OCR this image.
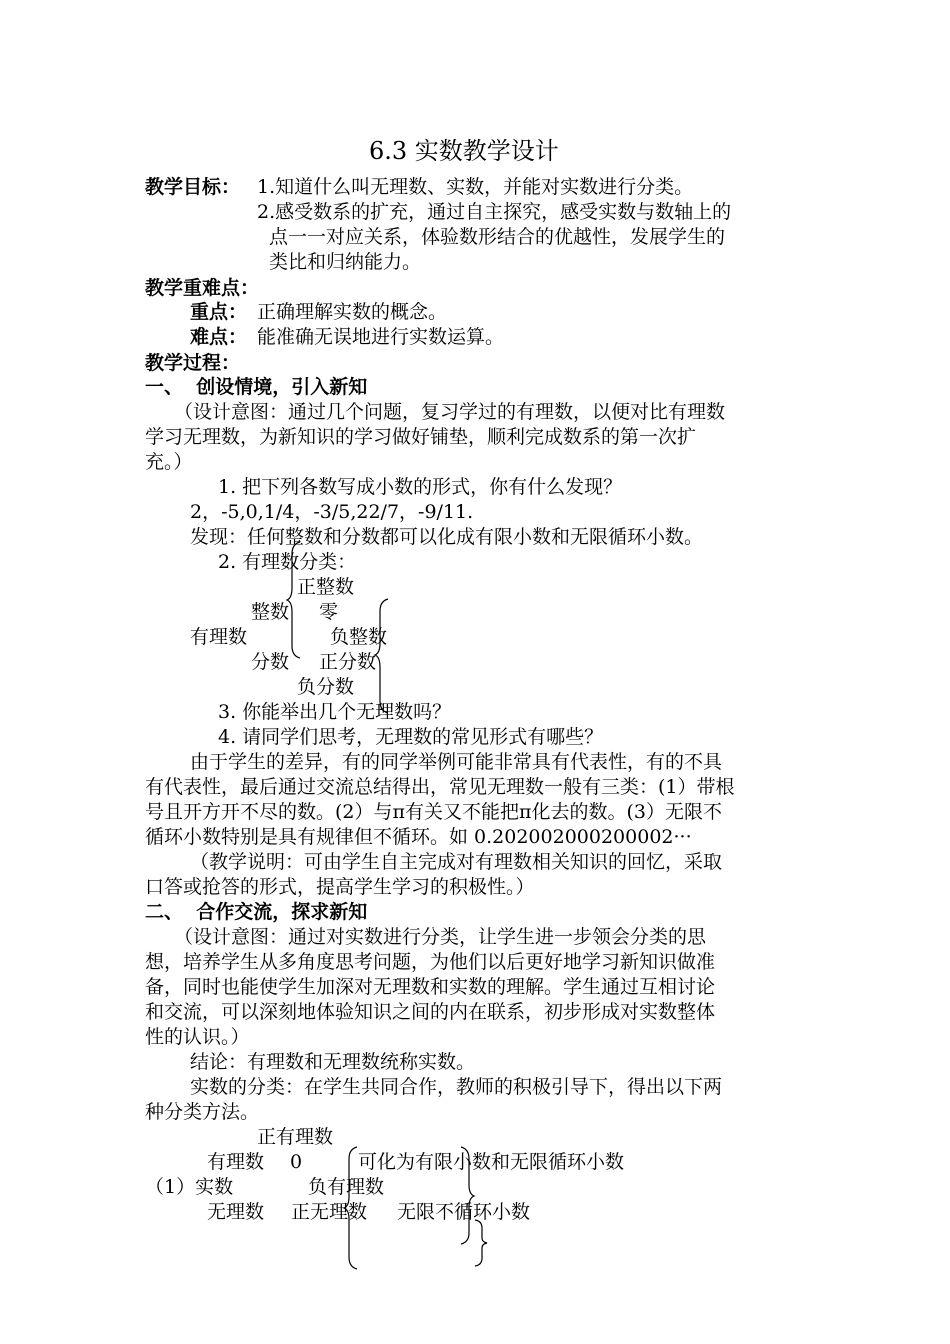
6.3 实数教学设计
教学目标： 1.知道什么叫无理数、实数，并能对实数进行分类。
2.感受数系的扩充，通过自主探究，感受实数与数轴上的
点一一对应关系，体验数形结合的优越性，发展学生的
类比和归纳能力。
教学重难点：
重点： 正确理解实数的概念。
难点： 能准确无误地进行实数运算。
教学过程：
一、  创设情境，引入新知
（设计意图：通过几个问题，复习学过的有理数，以便对比有理数
学习无理数，为新知识的学习做好铺垫，顺利完成数系的第一次扩
充。）
1. 把下列各数写成小数的形式，你有什么发现？
2，-5,0,1/4，-3/5,22/7，-9/11.
发现：任何整数和分数都可以化成有限小数和无限循环小数。
2. 有理数分类：
正整数
整数 零
有理数	负整数
分数 正分数
负分数
3. 你能举出几个无理数吗？
4. 请同学们思考，无理数的常见形式有哪些？
由于学生的差异，有的同学举例可能非常具有代表性，有的不具
有代表性，最后通过交流总结得出，常见无理数一般有三类：(1）带根
号且开方开不尽的数。(2）与π有关又不能把π化去的数。(3）无限不
循环小数特别是具有规律但不循环。如 0.202002000200002···
（教学说明：可由学生自主完成对有理数相关知识的回忆，采取
口答或抢答的形式，提高学生学习的积极性。）
二、  合作交流，探求新知
（设计意图：通过对实数进行分类，让学生进一步领会分类的思
想，培养学生从多角度思考问题，为他们以后更好地学习新知识做准
备，同时也能使学生加深对无理数和实数的理解。学生通过互相讨论
和交流，可以深刻地体验知识之间的内在联系，初步形成对实数整体
性的认识。）
结论：有理数和无理数统称实数。
实数的分类：在学生共同合作，教师的积极引导下，得出以下两
种分类方法。
正有理数
有理数 0	可化为有限小数和无限循环小数
（1）实数	负有理数
无理数 正无理数 无限不循环小数
